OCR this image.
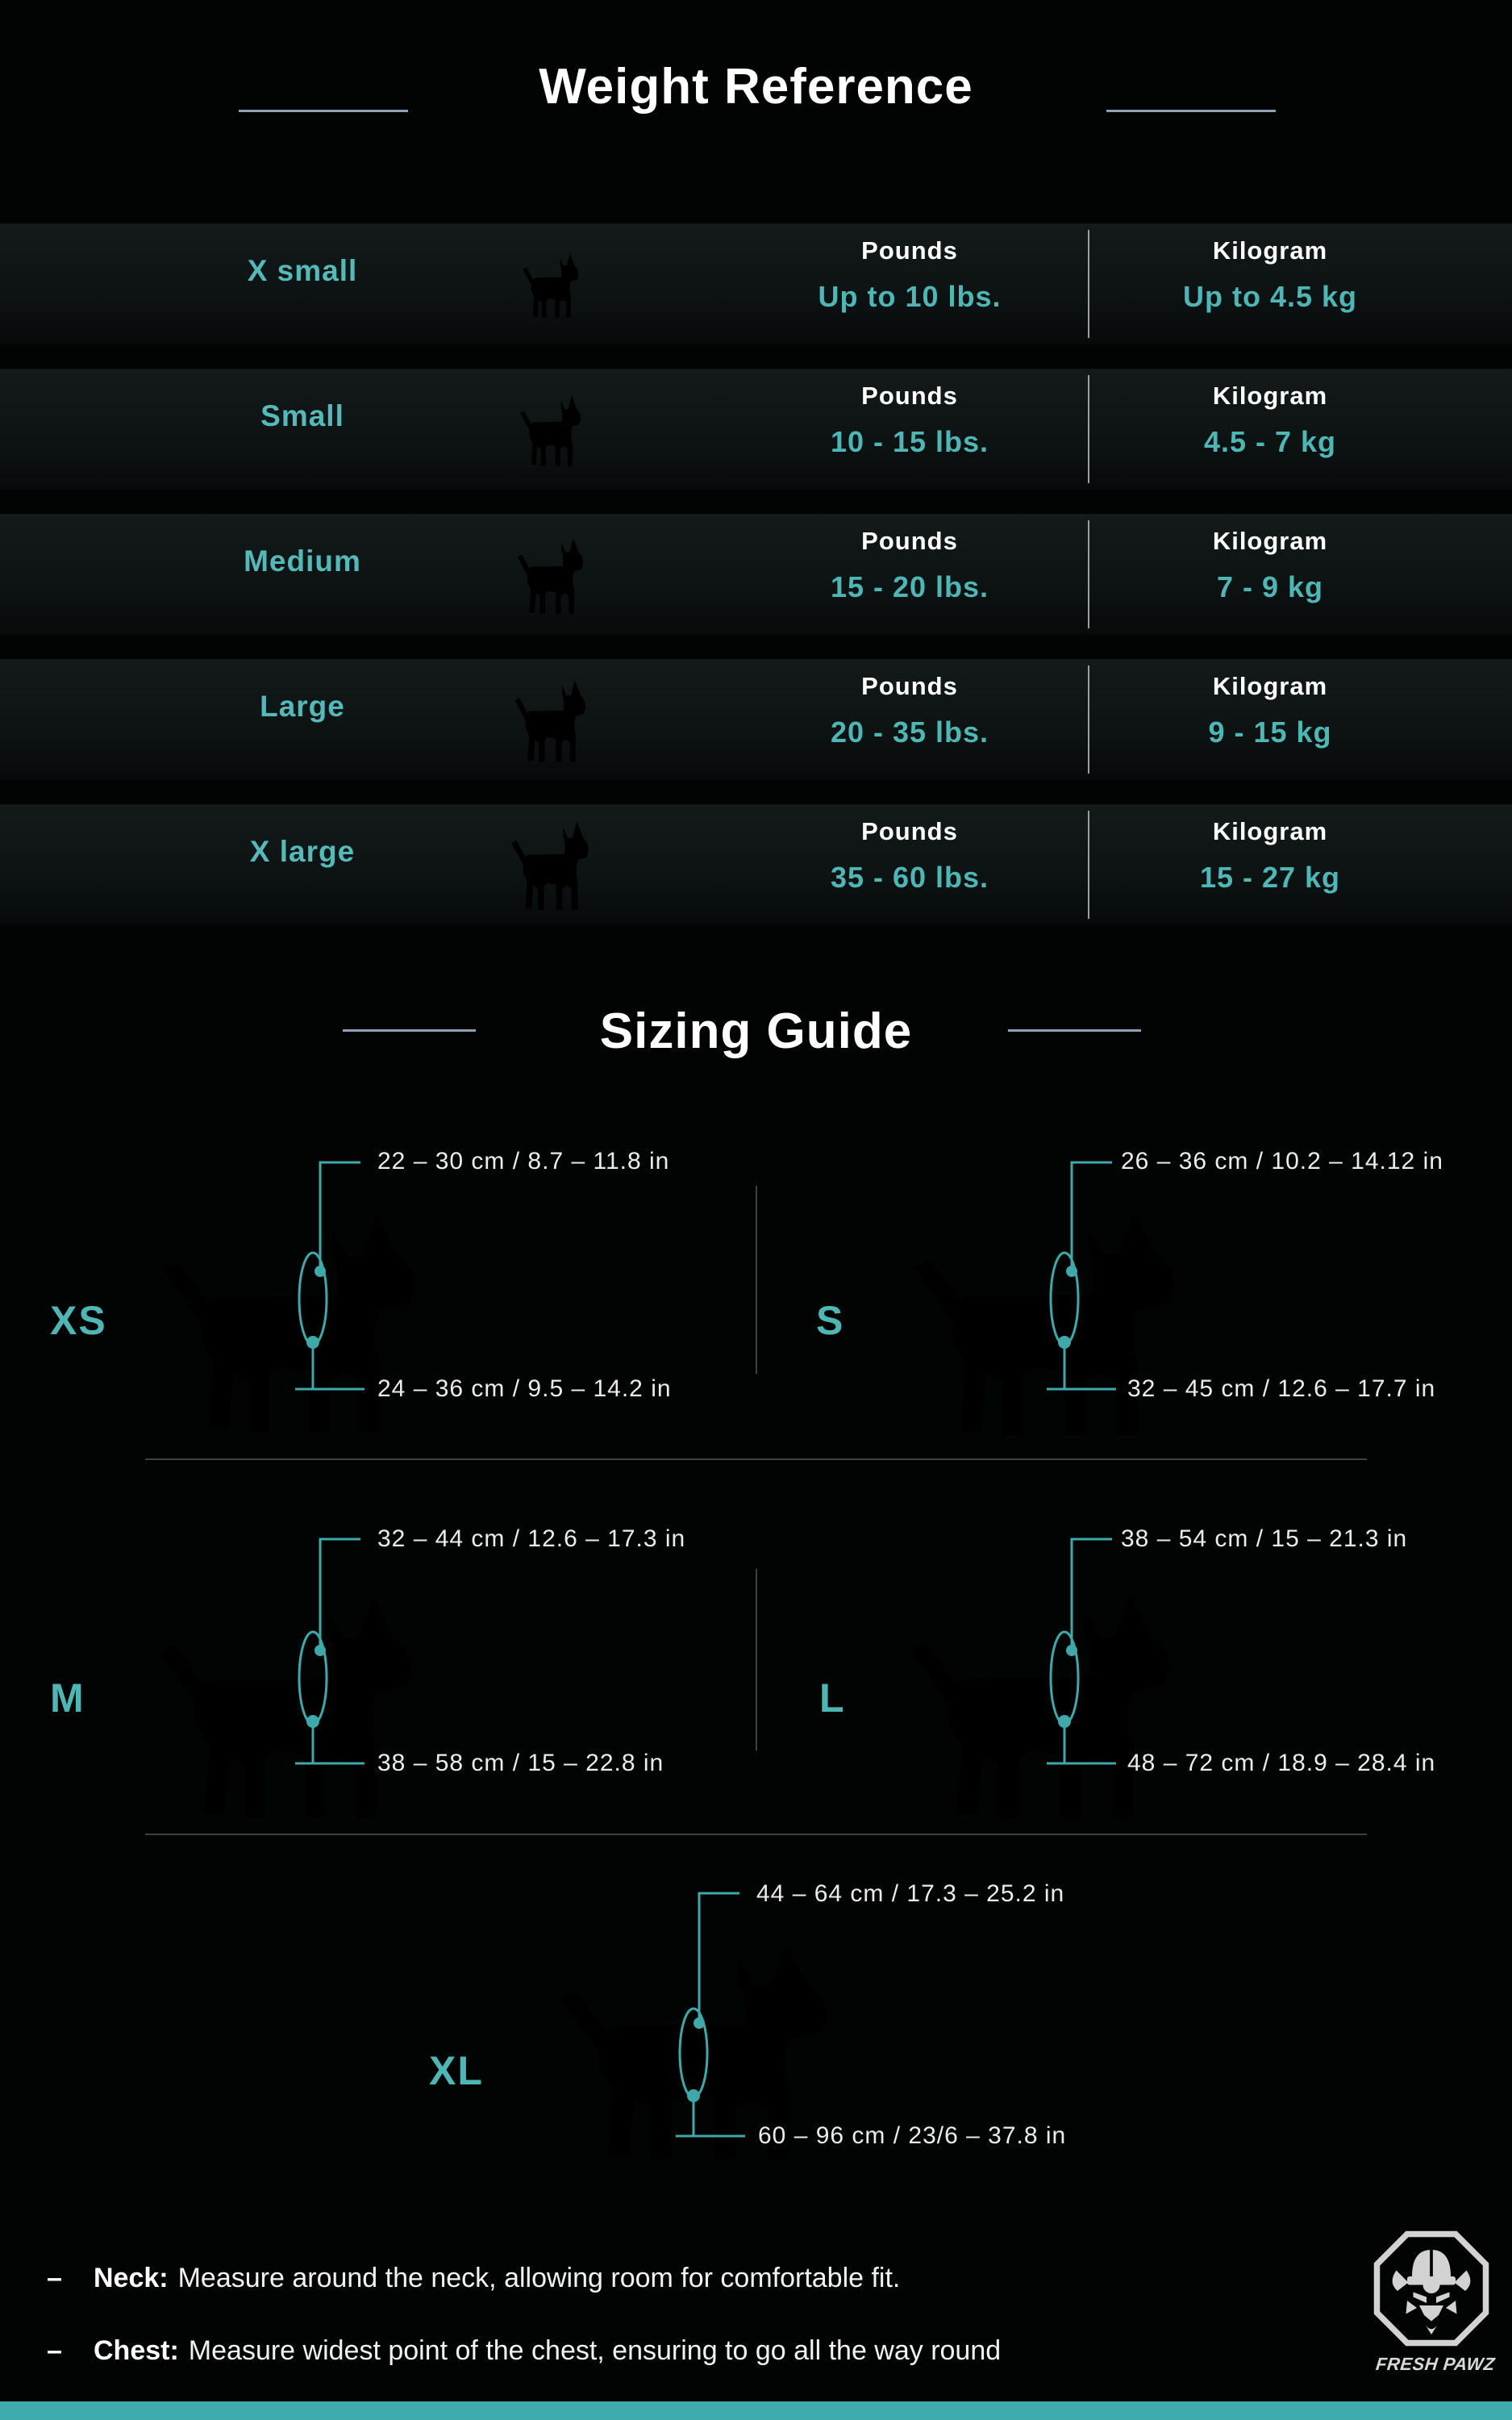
Weight Reference
X small
Pounds
Up to 10 lbs.
Kilogram
Up to 4.5 kg
Small
Pounds
10 - 15 lbs.
Kilogram
4.5 - 7 kg
Medium
Pounds
15 - 20 lbs.
Kilogram
7 - 9 kg
Large
Pounds
20 - 35 lbs.
Kilogram
9 - 15 kg
X large
Pounds
35 - 60 lbs.
Kilogram
15 - 27 kg
Sizing Guide
XS
22 – 30 cm / 8.7 – 11.8 in
24 – 36 cm / 9.5 – 14.2 in
S
26 – 36 cm / 10.2 – 14.12 in
32 – 45 cm / 12.6 – 17.7 in
M
32 – 44 cm / 12.6 – 17.3 in
38 – 58 cm / 15 – 22.8 in
L
38 – 54 cm / 15 – 21.3 in
48 – 72 cm / 18.9 – 28.4 in
XL
44 – 64 cm / 17.3 – 25.2 in
60 – 96 cm / 23/6 – 37.8 in
– Neck: Measure around the neck, allowing room for comfortable fit.
– Chest: Measure widest point of the chest, ensuring to go all the way round	FRESH PAWZ
